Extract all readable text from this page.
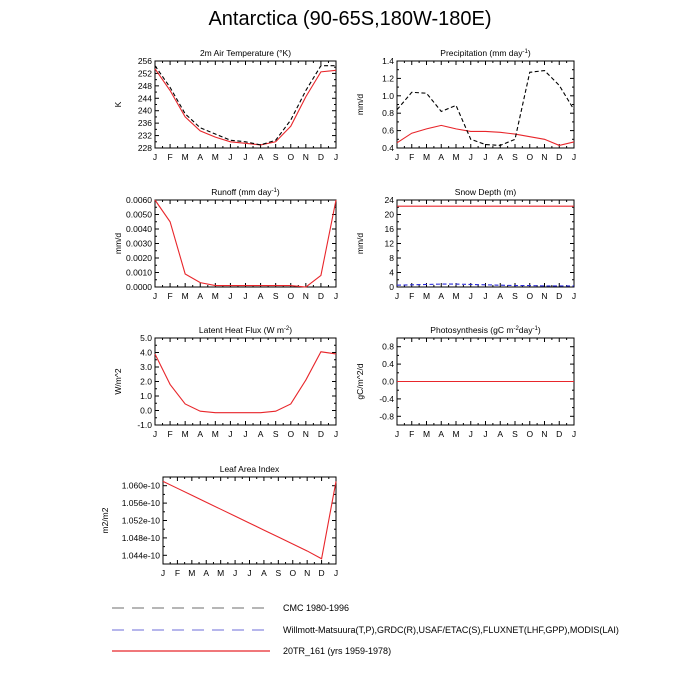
Antarctica (90-65S,180W-180E)
2m Air Temperature (°K)
K
J F M A M J J A S O N D J
228
232
236
240
244
248
252
256
Precipitation (mm day$^{-1}$)
mm/d
J F M A M J J A S O N D J
0.4
0.6
0.8
1.0
1.2
1.4
Runoff (mm day$^{-1}$)
mm/d
J F M A M J J A S O N D J
0.0000
0.0010
0.0020
0.0030
0.0040
0.0050
0.0060
Snow Depth (m)
mm/d
J F M A M J J A S O N D J
0
4
8
12
16
20
24
Latent Heat Flux (W $m^{-2}$)
W/m^2
J F M A M J J A S O N D J
-1.0
0.0
1.0
2.0
3.0
4.0
5.0
Photosynthesis (gC $m^{-2}day^{-1}$)
gC/m^2/d
J F M A M J J A S O N D J
-0.8
-0.4
0.0
0.4
0.8
Leaf Area Index
m2/m2
J F M A M J J A S O N D J
1.044e-10
1.048e-10
1.052e-10
1.056e-10
1.060e-10
CMC 1980-1996
Willmott-Matsuura(T,P),GRDC(R),USAF/ETAC(S),FLUXNET(LHF,GPP),MODIS(LAI)
20TR_161 (yrs 1959-1978)
